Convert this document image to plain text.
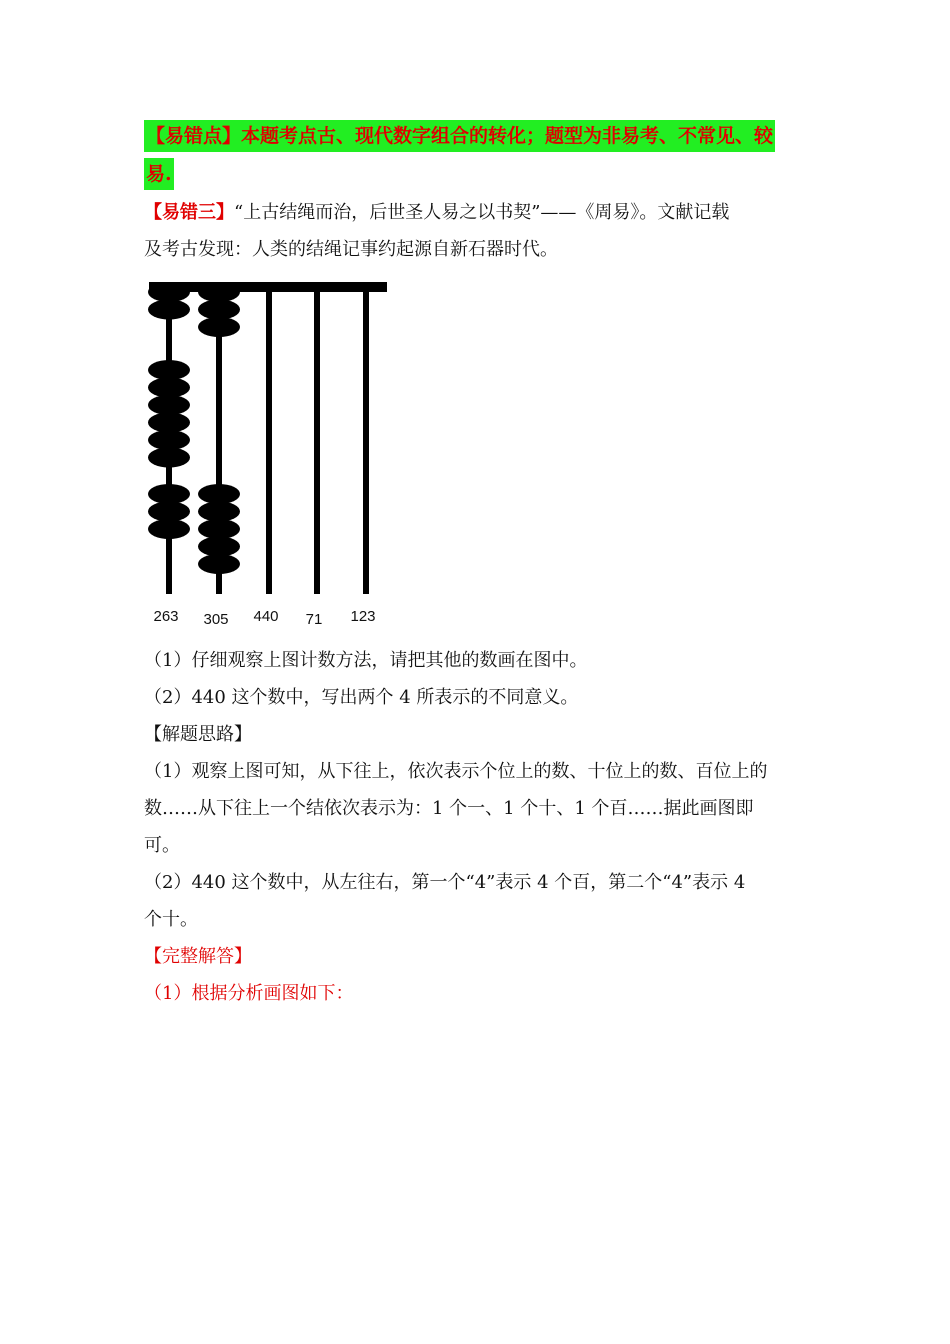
【易错点】本题考点古、现代数字组合的转化；题型为非易考、不常见、较
易.

【易错三】“上古结绳而治，后世圣人易之以书契”——《周易》。文献记载

及考古发现：人类的结绳记事约起源自新石器时代。

263 305 440 71 123

（1）仔细观察上图计数方法，请把其他的数画在图中。

（2）440 这个数中，写出两个 4 所表示的不同意义。

【解题思路】

（1）观察上图可知，从下往上，依次表示个位上的数、十位上的数、百位上的

数……从下往上一个结依次表示为：1 个一、1 个十、1 个百……据此画图即

可。

（2）440 这个数中，从左往右，第一个“4”表示 4 个百，第二个“4”表示 4

个十。

【完整解答】

（1）根据分析画图如下：
